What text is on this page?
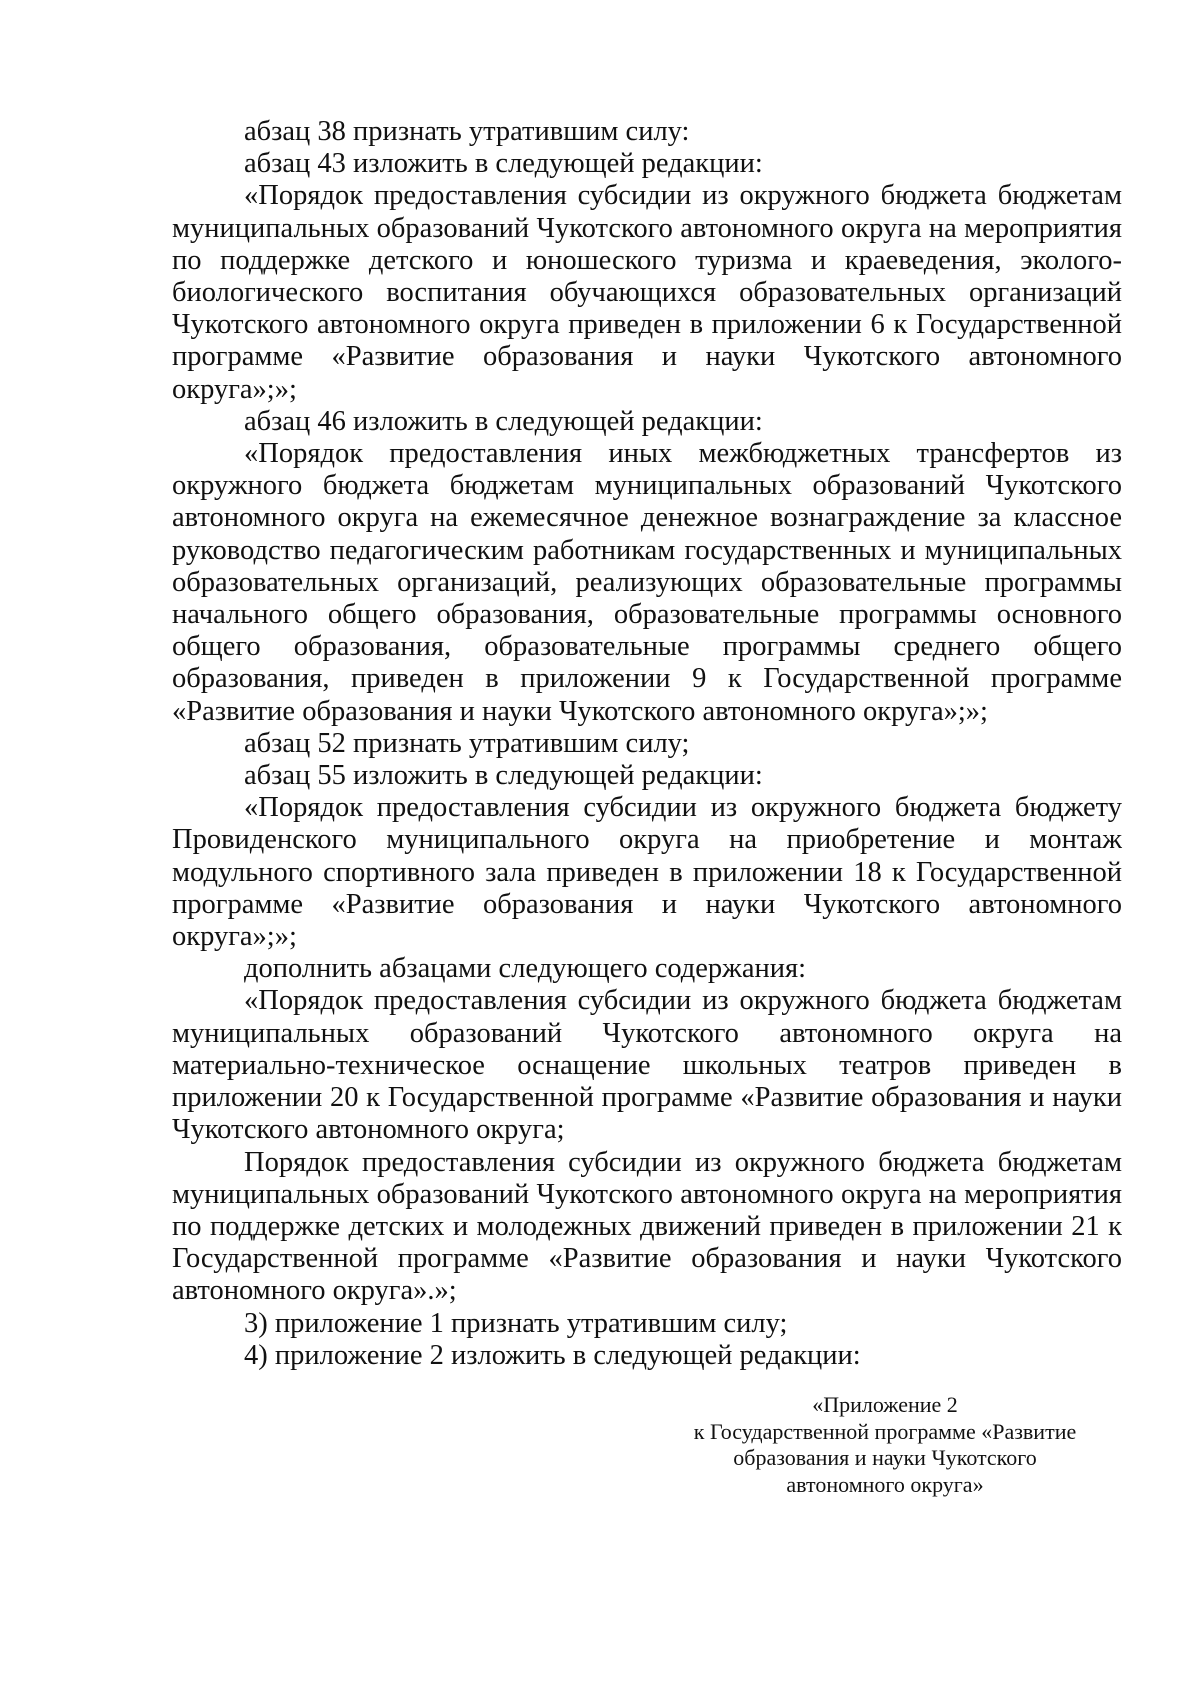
абзац 38 признать утратившим силу:

абзац 43 изложить в следующей редакции:

«Порядок предоставления субсидии из окружного бюджета бюджетам муниципальных образований Чукотского автономного округа на мероприятия по поддержке детского и юношеского туризма и краеведения, эколого-биологического воспитания обучающихся образовательных организаций Чукотского автономного округа приведен в приложении 6 к Государственной программе «Развитие образования и науки Чукотского автономного округа»;»;

абзац 46 изложить в следующей редакции:

«Порядок предоставления иных межбюджетных трансфертов из окружного бюджета бюджетам муниципальных образований Чукотского автономного округа на ежемесячное денежное вознаграждение за классное руководство педагогическим работникам государственных и муниципальных образовательных организаций, реализующих образовательные программы начального общего образования, образовательные программы основного общего образования, образовательные программы среднего общего образования, приведен в приложении 9 к Государственной программе «Развитие образования и науки Чукотского автономного округа»;»;

абзац 52 признать утратившим силу;

абзац 55 изложить в следующей редакции:

«Порядок предоставления субсидии из окружного бюджета бюджету Провиденского муниципального округа на приобретение и монтаж модульного спортивного зала приведен в приложении 18 к Государственной программе «Развитие образования и науки Чукотского автономного округа»;»;

дополнить абзацами следующего содержания:

«Порядок предоставления субсидии из окружного бюджета бюджетам муниципальных образований Чукотского автономного округа на материально-техническое оснащение школьных театров приведен в приложении 20 к Государственной программе «Развитие образования и науки Чукотского автономного округа;

Порядок предоставления субсидии из окружного бюджета бюджетам муниципальных образований Чукотского автономного округа на мероприятия по поддержке детских и молодежных движений приведен в приложении 21 к Государственной программе «Развитие образования и науки Чукотского автономного округа».»;

3) приложение 1 признать утратившим силу;

4) приложение 2 изложить в следующей редакции:

«Приложение 2
к Государственной программе «Развитие
образования и науки Чукотского
автономного округа»
